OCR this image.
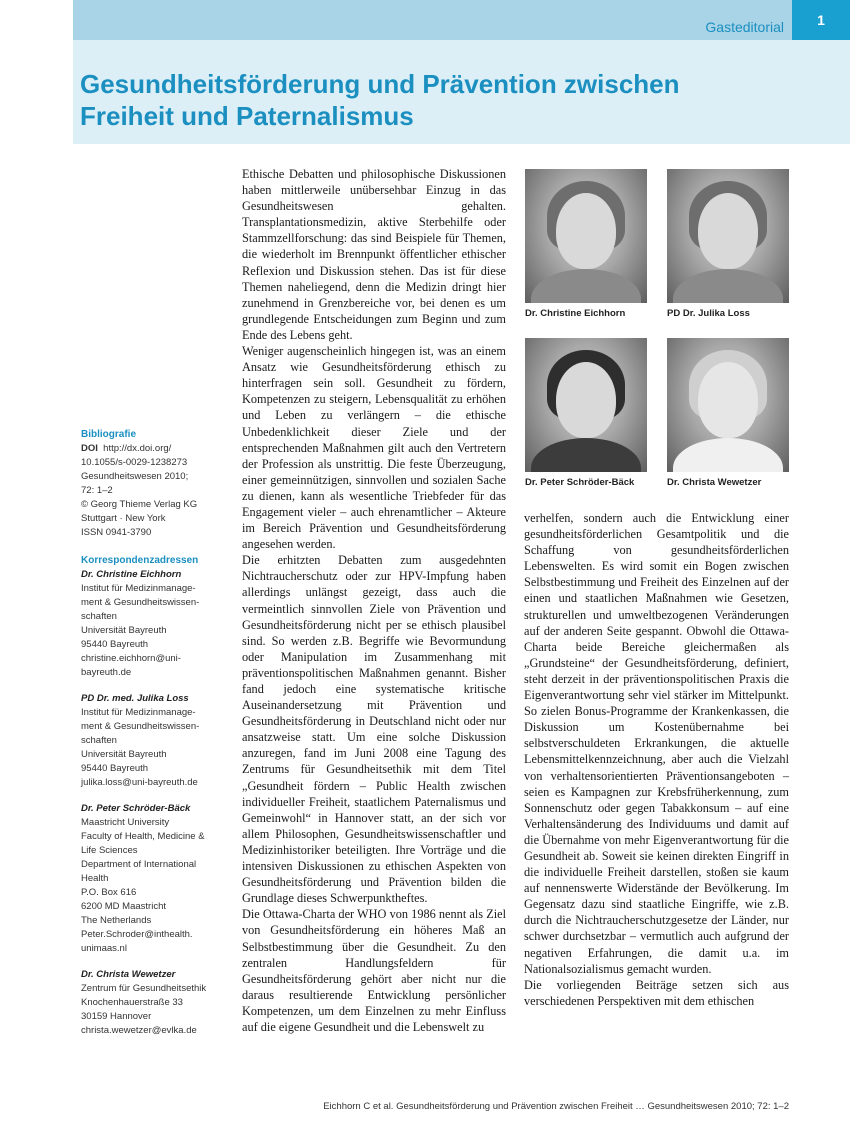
Gasteditorial	1
Gesundheitsförderung und Prävention zwischen
Freiheit und Paternalismus
Bibliografie
DOI http://dx.doi.org/
10.1055/s-0029-1238273
Gesundheitswesen 2010;
72: 1–2
© Georg Thieme Verlag KG
Stuttgart · New York
ISSN 0941-3790
Korrespondenzadressen
Dr. Christine Eichhorn
Institut für Medizinmanage-
ment & Gesundheitswissen-
schaften
Universität Bayreuth
95440 Bayreuth
christine.eichhorn@uni-
bayreuth.de
PD Dr. med. Julika Loss
Institut für Medizinmanage-
ment & Gesundheitswissen-
schaften
Universität Bayreuth
95440 Bayreuth
julika.loss@uni-bayreuth.de
Dr. Peter Schröder-Bäck
Maastricht University
Faculty of Health, Medicine &
Life Sciences
Department of International
Health
P.O. Box 616
6200 MD Maastricht
The Netherlands
Peter.Schroder@inthealth.
unimaas.nl
Dr. Christa Wewetzer
Zentrum für Gesundheitsethik
Knochenhauerstraße 33
30159 Hannover
christa.wewetzer@evlka.de

Ethische Debatten und philosophische Diskussionen haben mittlerweile unübersehbar Einzug in das Gesundheitswesen gehalten. Transplantationsmedizin, aktive Sterbehilfe oder Stammzellforschung: das sind Beispiele für Themen, die wiederholt im Brennpunkt öffentlicher ethischer Reflexion und Diskussion stehen. Das ist für diese Themen naheliegend, denn die Medizin dringt hier zunehmend in Grenzbereiche vor, bei denen es um grundlegende Entscheidungen zum Beginn und zum Ende des Lebens geht.

Weniger augenscheinlich hingegen ist, was an einem Ansatz wie Gesundheitsförderung ethisch zu hinterfragen sein soll. Gesundheit zu fördern, Kompetenzen zu steigern, Lebensqualität zu erhöhen und Leben zu verlängern – die ethische Unbedenklichkeit dieser Ziele und der entsprechenden Maßnahmen gilt auch den Vertretern der Profession als unstrittig. Die feste Überzeugung, einer gemeinnützigen, sinnvollen und sozialen Sache zu dienen, kann als wesentliche Triebfeder für das Engagement vieler – auch ehrenamtlicher – Akteure im Bereich Prävention und Gesundheitsförderung angesehen werden.

Die erhitzten Debatten zum ausgedehnten Nichtraucherschutz oder zur HPV-Impfung haben allerdings unlängst gezeigt, dass auch die vermeintlich sinnvollen Ziele von Prävention und Gesundheitsförderung nicht per se ethisch plausibel sind. So werden z.B. Begriffe wie Bevormundung oder Manipulation im Zusammenhang mit präventionspolitischen Maßnahmen genannt. Bisher fand jedoch eine systematische kritische Auseinandersetzung mit Prävention und Gesundheitsförderung in Deutschland nicht oder nur ansatzweise statt. Um eine solche Diskussion anzuregen, fand im Juni 2008 eine Tagung des Zentrums für Gesundheitsethik mit dem Titel „Gesundheit fördern – Public Health zwischen individueller Freiheit, staatlichem Paternalismus und Gemeinwohl“ in Hannover statt, an der sich vor allem Philosophen, Gesundheitswissenschaftler und Medizinhistoriker beteiligten. Ihre Vorträge und die intensiven Diskussionen zu ethischen Aspekten von Gesundheitsförderung und Prävention bilden die Grundlage dieses Schwerpunktheftes.

Die Ottawa-Charta der WHO von 1986 nennt als Ziel von Gesundheitsförderung ein höheres Maß an Selbstbestimmung über die Gesundheit. Zu den zentralen Handlungsfeldern für Gesundheitsförderung gehört aber nicht nur die daraus resultierende Entwicklung persönlicher Kompetenzen, um dem Einzelnen zu mehr Einfluss auf die eigene Gesundheit und die Lebenswelt zu

Dr. Christine Eichhorn	PD Dr. Julika Loss
Dr. Peter Schröder-Bäck	Dr. Christa Wewetzer

verhelfen, sondern auch die Entwicklung einer gesundheitsförderlichen Gesamtpolitik und die Schaffung von gesundheitsförderlichen Lebenswelten. Es wird somit ein Bogen zwischen Selbstbestimmung und Freiheit des Einzelnen auf der einen und staatlichen Maßnahmen wie Gesetzen, strukturellen und umweltbezogenen Veränderungen auf der anderen Seite gespannt. Obwohl die Ottawa-Charta beide Bereiche gleichermaßen als „Grundsteine“ der Gesundheitsförderung, definiert, steht derzeit in der präventionspolitischen Praxis die Eigenverantwortung sehr viel stärker im Mittelpunkt. So zielen Bonus-Programme der Krankenkassen, die Diskussion um Kostenübernahme bei selbstverschuldeten Erkrankungen, die aktuelle Lebensmittelkennzeichnung, aber auch die Vielzahl von verhaltensorientierten Präventionsangeboten – seien es Kampagnen zur Krebsfrüherkennung, zum Sonnenschutz oder gegen Tabakkonsum – auf eine Verhaltensänderung des Individuums und damit auf die Übernahme von mehr Eigenverantwortung für die Gesundheit ab. Soweit sie keinen direkten Eingriff in die individuelle Freiheit darstellen, stoßen sie kaum auf nennenswerte Widerstände der Bevölkerung. Im Gegensatz dazu sind staatliche Eingriffe, wie z.B. durch die Nichtraucherschutzgesetze der Länder, nur schwer durchsetzbar – vermutlich auch aufgrund der negativen Erfahrungen, die damit u.a. im Nationalsozialismus gemacht wurden.

Die vorliegenden Beiträge setzen sich aus verschiedenen Perspektiven mit dem ethischen

Eichhorn C et al. Gesundheitsförderung und Prävention zwischen Freiheit … Gesundheitswesen 2010; 72: 1–2
